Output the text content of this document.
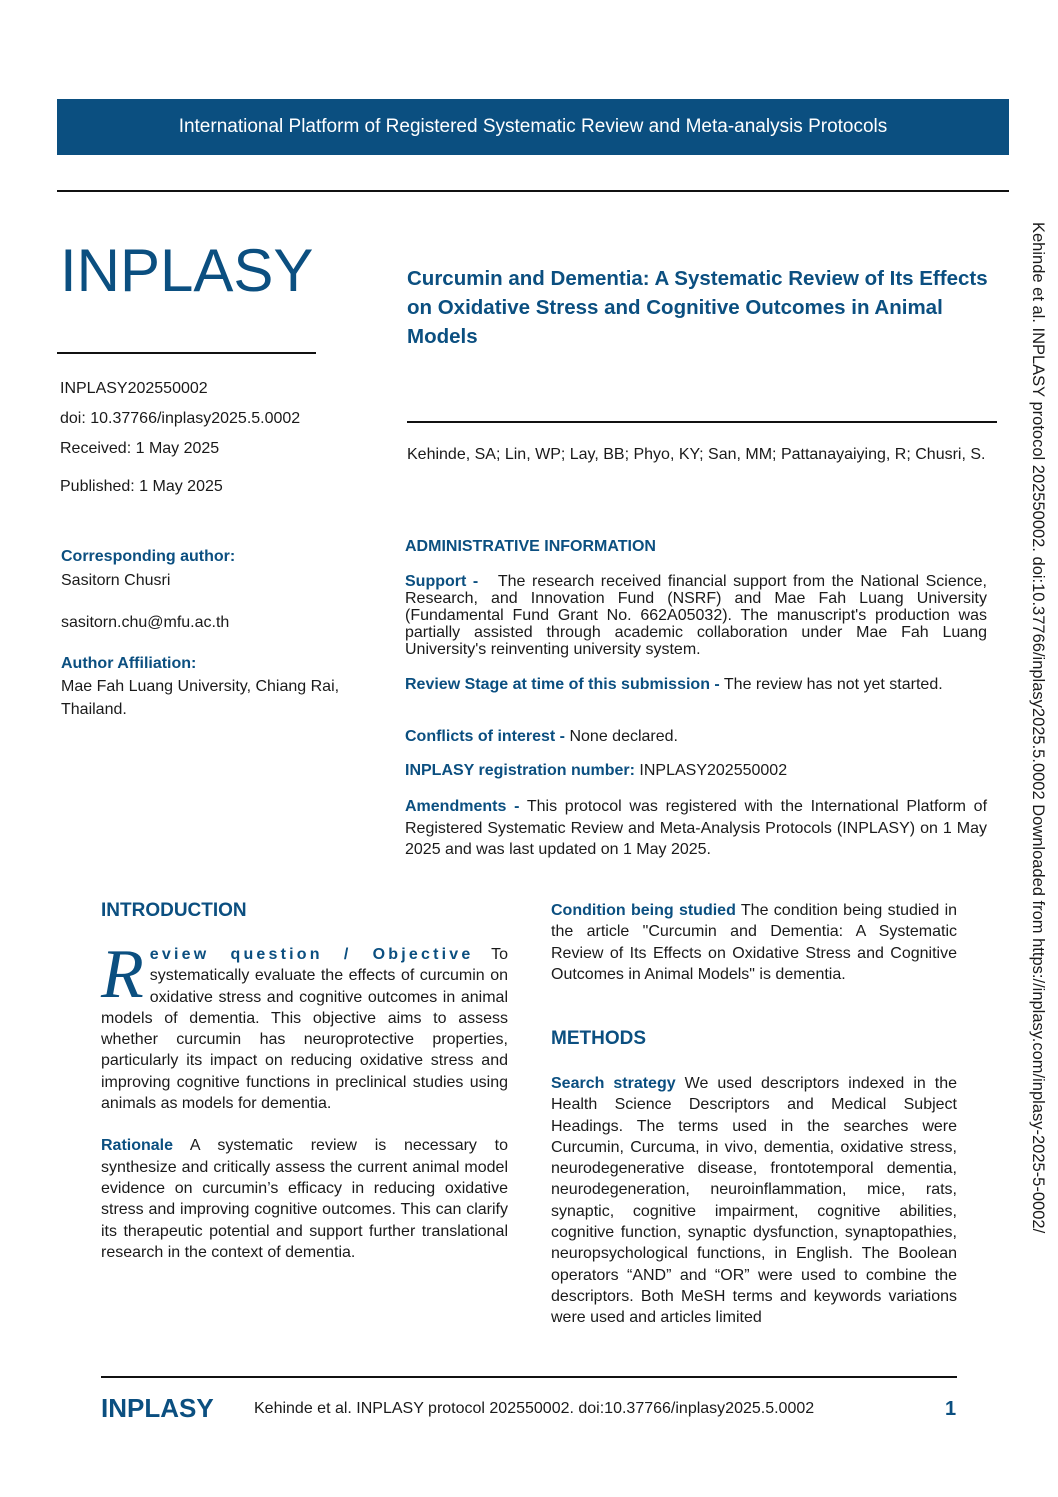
International Platform of Registered Systematic Review and Meta-analysis Protocols
INPLASY
INPLASY202550002
doi: 10.37766/inplasy2025.5.0002
Received: 1 May 2025
Published: 1 May 2025
Curcumin and Dementia: A Systematic Review of Its Effects on Oxidative Stress and Cognitive Outcomes in Animal Models
Kehinde, SA; Lin, WP; Lay, BB; Phyo, KY; San, MM; Pattanayaiying, R; Chusri, S.
Corresponding author:
Sasitorn Chusri
sasitorn.chu@mfu.ac.th
Author Affiliation:
Mae Fah Luang University, Chiang Rai, Thailand.
ADMINISTRATIVE INFORMATION

Support - The research received financial support from the National Science, Research, and Innovation Fund (NSRF) and Mae Fah Luang University (Fundamental Fund Grant No. 662A05032). The manuscript's production was partially assisted through academic collaboration under Mae Fah Luang University's reinventing university system.

Review Stage at time of this submission - The review has not yet started.

Conflicts of interest - None declared.

INPLASY registration number: INPLASY202550002

Amendments - This protocol was registered with the International Platform of Registered Systematic Review and Meta-Analysis Protocols (INPLASY) on 1 May 2025 and was last updated on 1 May 2025.

INTRODUCTION

Review question / Objective To systematically evaluate the effects of curcumin on oxidative stress and cognitive outcomes in animal models of dementia. This objective aims to assess whether curcumin has neuroprotective properties, particularly its impact on reducing oxidative stress and improving cognitive functions in preclinical studies using animals as models for dementia.

Rationale A systematic review is necessary to synthesize and critically assess the current animal model evidence on curcumin’s efficacy in reducing oxidative stress and improving cognitive outcomes. This can clarify its therapeutic potential and support further translational research in the context of dementia.

Condition being studied The condition being studied in the article "Curcumin and Dementia: A Systematic Review of Its Effects on Oxidative Stress and Cognitive Outcomes in Animal Models" is dementia.

METHODS

Search strategy We used descriptors indexed in the Health Science Descriptors and Medical Subject Headings. The terms used in the searches were Curcumin, Curcuma, in vivo, dementia, oxidative stress, neurodegenerative disease, frontotemporal dementia, neurodegeneration, neuroinflammation, mice, rats, synaptic, cognitive impairment, cognitive abilities, cognitive function, synaptic dysfunction, synaptopathies, neuropsychological functions, in English. The Boolean operators “AND” and “OR” were used to combine the descriptors. Both MeSH terms and keywords variations were used and articles limited

Kehinde et al. INPLASY protocol 202550002. doi:10.37766/inplasy2025.5.0002 Downloaded from https://inplasy.com/inplasy-2025-5-0002/
INPLASY	Kehinde et al. INPLASY protocol 202550002. doi:10.37766/inplasy2025.5.0002	1
